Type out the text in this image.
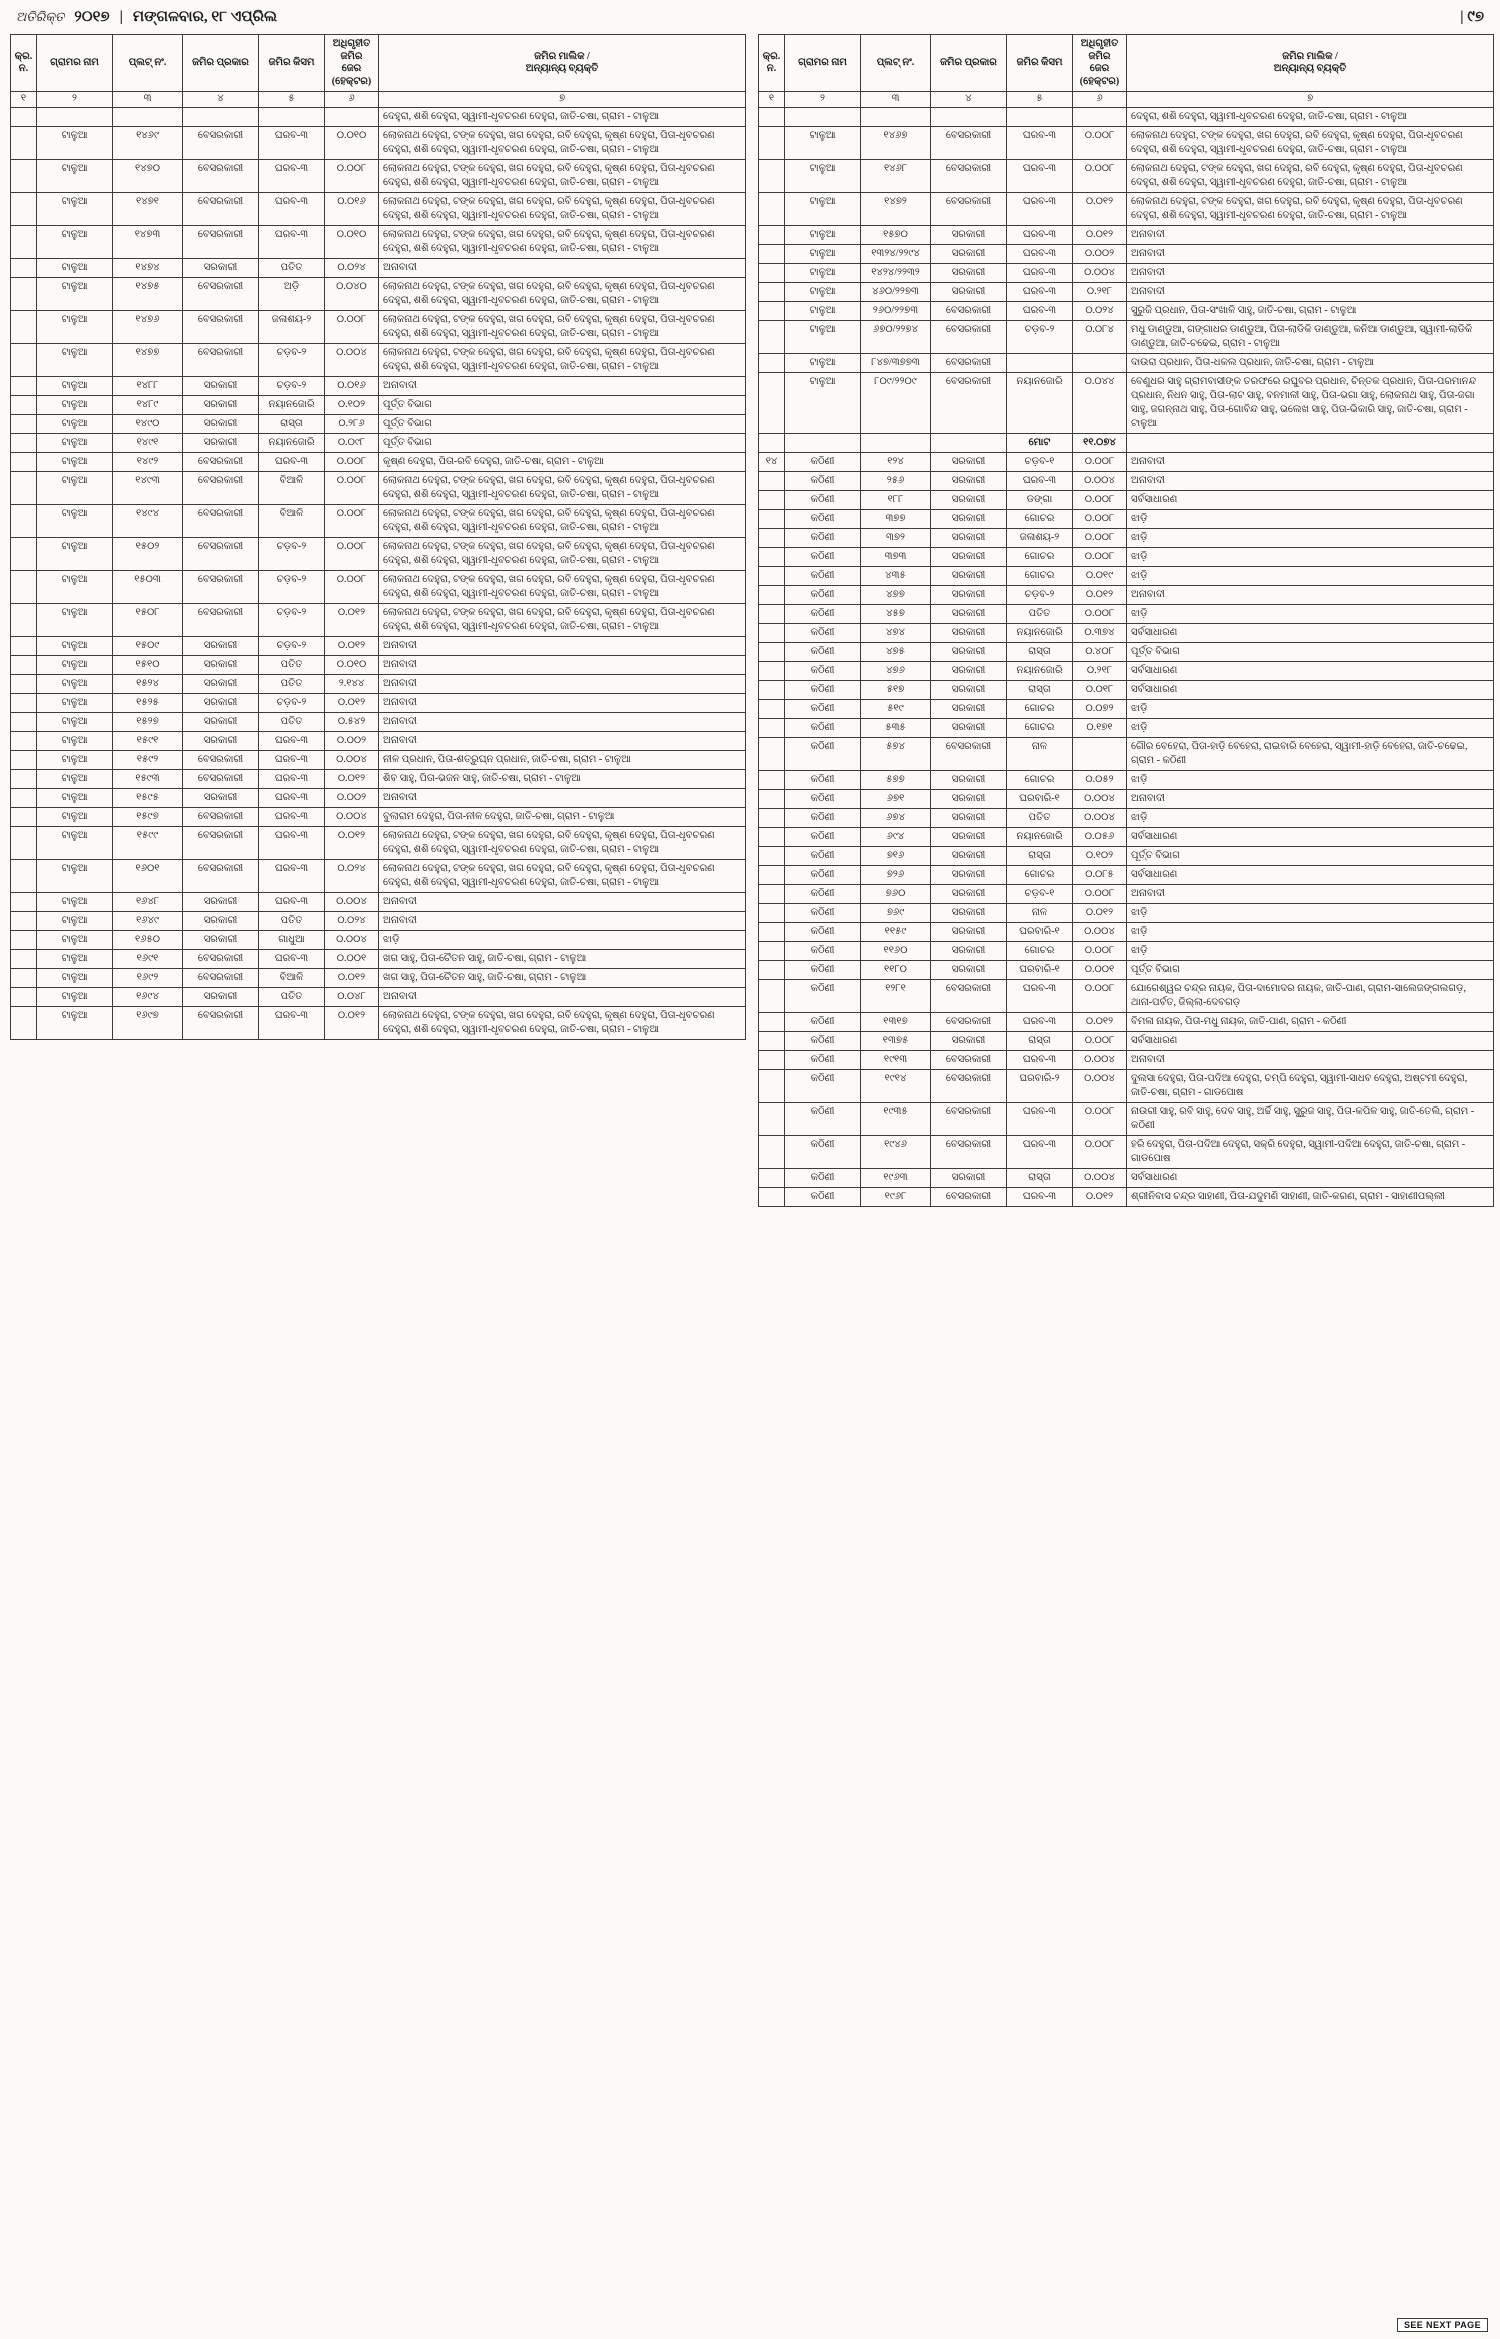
ଅତିରିକ୍ତ ୨୦୧୭ | ମଙ୍ଗଳବାର, ୧୮ ଏପ୍ରିଲ	| ୯୭
କ୍ର.
ନ.	ଗ୍ରାମର ନାମ	ପ୍ଲଟ୍ ନଂ.	ଜମିର ପ୍ରକାର	ଜମିର କିସମ	ଅଧିଗୃହୀତ ଜମିର
ଜେର (ହେକ୍ଟର)	ଜମିର ମାଲିକ /
ଅନ୍ୟାନ୍ୟ ବ୍ୟକ୍ତି
୧	୨	୩	୪	୫	୬	୭
						ଦେହୁରା, ଶଶି ଦେହୁରା, ସ୍ୱାମୀ-ଧୃବଚରଣ ଦେହୁରା, ଜାତି-ଚଷା, ଗ୍ରାମ - ଟାଳୁଆ
	ଟାଳୁଆ	୧୪୬୯	ବେସରକାରୀ	ଘରବ-୩	୦.୦୧୦	ଲୋକନାଥ ଦେହୁରା, ଟଙ୍କ ଦେହୁରା, ଖଗ ଦେହୁରା, ରବି ଦେହୁରା, କୃଷ୍ଣ ଦେହୁରା, ପିତା-ଧୃବଚରଣ ଦେହୁରା, ଶଶି ଦେହୁରା, ସ୍ୱାମୀ-ଧୃବଚରଣ ଦେହୁରା, ଜାତି-ଚଷା, ଗ୍ରାମ - ଟାଳୁଆ
	ଟାଳୁଆ	୧୪୭୦	ବେସରକାରୀ	ଘରବ-୩	୦.୦୦୮	ଲୋକନାଥ ଦେହୁରା, ଟଙ୍କ ଦେହୁରା, ଖଗ ଦେହୁରା, ରବି ଦେହୁରା, କୃଷ୍ଣ ଦେହୁରା, ପିତା-ଧୃବଚରଣ ଦେହୁରା, ଶଶି ଦେହୁରା, ସ୍ୱାମୀ-ଧୃବଚରଣ ଦେହୁରା, ଜାତି-ଚଷା, ଗ୍ରାମ - ଟାଳୁଆ
	ଟାଳୁଆ	୧୪୭୧	ବେସରକାରୀ	ଘରବ-୩	୦.୦୧୬	ଲୋକନାଥ ଦେହୁରା, ଟଙ୍କ ଦେହୁରା, ଖଗ ଦେହୁରା, ରବି ଦେହୁରା, କୃଷ୍ଣ ଦେହୁରା, ପିତା-ଧୃବଚରଣ ଦେହୁରା, ଶଶି ଦେହୁରା, ସ୍ୱାମୀ-ଧୃବଚରଣ ଦେହୁରା, ଜାତି-ଚଷା, ଗ୍ରାମ - ଟାଳୁଆ
	ଟାଳୁଆ	୧୪୭୩	ବେସରକାରୀ	ଘରବ-୩	୦.୦୧୦	ଲୋକନାଥ ଦେହୁରା, ଟଙ୍କ ଦେହୁରା, ଖଗ ଦେହୁରା, ରବି ଦେହୁରା, କୃଷ୍ଣ ଦେହୁରା, ପିତା-ଧୃବଚରଣ ଦେହୁରା, ଶଶି ଦେହୁରା, ସ୍ୱାମୀ-ଧୃବଚରଣ ଦେହୁରା, ଜାତି-ଚଷା, ଗ୍ରାମ - ଟାଳୁଆ
	ଟାଳୁଆ	୧୪୭୪	ସରକାରୀ	ପତିତ	୦.୦୨୪	ଅନାବାଦୀ
	ଟାଳୁଆ	୧୪୭୫	ବେସରକାରୀ	ଅଡ଼ି	୦.୦୪୦	ଲୋକନାଥ ଦେହୁରା, ଟଙ୍କ ଦେହୁରା, ଖଗ ଦେହୁରା, ରବି ଦେହୁରା, କୃଷ୍ଣ ଦେହୁରା, ପିତା-ଧୃବଚରଣ ଦେହୁରା, ଶଶି ଦେହୁରା, ସ୍ୱାମୀ-ଧୃବଚରଣ ଦେହୁରା, ଜାତି-ଚଷା, ଗ୍ରାମ - ଟାଳୁଆ
	ଟାଳୁଆ	୧୪୭୬	ବେସରକାରୀ	ଜଳାଶୟ-୨	୦.୦୦୮	ଲୋକନାଥ ଦେହୁରା, ଟଙ୍କ ଦେହୁରା, ଖଗ ଦେହୁରା, ରବି ଦେହୁରା, କୃଷ୍ଣ ଦେହୁରା, ପିତା-ଧୃବଚରଣ ଦେହୁରା, ଶଶି ଦେହୁରା, ସ୍ୱାମୀ-ଧୃବଚରଣ ଦେହୁରା, ଜାତି-ଚଷା, ଗ୍ରାମ - ଟାଳୁଆ
	ଟାଳୁଆ	୧୪୭୭	ବେସରକାରୀ	ଚଡ଼ବ-୨	୦.୦୦୪	ଲୋକନାଥ ଦେହୁରା, ଟଙ୍କ ଦେହୁରା, ଖଗ ଦେହୁରା, ରବି ଦେହୁରା, କୃଷ୍ଣ ଦେହୁରା, ପିତା-ଧୃବଚରଣ ଦେହୁରା, ଶଶି ଦେହୁରା, ସ୍ୱାମୀ-ଧୃବଚରଣ ଦେହୁରା, ଜାତି-ଚଷା, ଗ୍ରାମ - ଟାଳୁଆ
	ଟାଳୁଆ	୧୪୮୮	ସରକାରୀ	ଚଡ଼ବ-୨	୦.୦୧୬	ଅନାବାଦୀ
	ଟାଳୁଆ	୧୪୮୯	ସରକାରୀ	ନୟାନଜୋରି	୦.୧୦୨	ପୂର୍ତ୍ତ ବିଭାଗ
	ଟାଳୁଆ	୧୪୯୦	ସରକାରୀ	ରାସ୍ତା	୦.୨୮୬	ପୂର୍ତ୍ତ ବିଭାଗ
	ଟାଳୁଆ	୧୪୯୧	ସରକାରୀ	ନୟାନଜୋରି	୦.୦୯୮	ପୂର୍ତ୍ତ ବିଭାଗ
	ଟାଳୁଆ	୧୪୯୨	ବେସରକାରୀ	ଘରବ-୩	୦.୦୦୮	କୃଷ୍ଣ ଦେହୁରା, ପିତା-ରବି ଦେହୁରା, ଜାତି-ଚଷା, ଗ୍ରାମ - ଟାଳୁଆ
	ଟାଳୁଆ	୧୪୯୩	ବେସରକାରୀ	ବିଆଳି	୦.୦୦୮	ଲୋକନାଥ ଦେହୁରା, ଟଙ୍କ ଦେହୁରା, ଖଗ ଦେହୁରା, ରବି ଦେହୁରା, କୃଷ୍ଣ ଦେହୁରା, ପିତା-ଧୃବଚରଣ ଦେହୁରା, ଶଶି ଦେହୁରା, ସ୍ୱାମୀ-ଧୃବଚରଣ ଦେହୁରା, ଜାତି-ଚଷା, ଗ୍ରାମ - ଟାଳୁଆ
	ଟାଳୁଆ	୧୪୯୪	ବେସରକାରୀ	ବିଆଳି	୦.୦୦୮	ଲୋକନାଥ ଦେହୁରା, ଟଙ୍କ ଦେହୁରା, ଖଗ ଦେହୁରା, ରବି ଦେହୁରା, କୃଷ୍ଣ ଦେହୁରା, ପିତା-ଧୃବଚରଣ ଦେହୁରା, ଶଶି ଦେହୁରା, ସ୍ୱାମୀ-ଧୃବଚରଣ ଦେହୁରା, ଜାତି-ଚଷା, ଗ୍ରାମ - ଟାଳୁଆ
	ଟାଳୁଆ	୧୫୦୨	ବେସରକାରୀ	ଚଡ଼ବ-୨	୦.୦୦୮	ଲୋକନାଥ ଦେହୁରା, ଟଙ୍କ ଦେହୁରା, ଖଗ ଦେହୁରା, ରବି ଦେହୁରା, କୃଷ୍ଣ ଦେହୁରା, ପିତା-ଧୃବଚରଣ ଦେହୁରା, ଶଶି ଦେହୁରା, ସ୍ୱାମୀ-ଧୃବଚରଣ ଦେହୁରା, ଜାତି-ଚଷା, ଗ୍ରାମ - ଟାଳୁଆ
	ଟାଳୁଆ	୧୫୦୩	ବେସରକାରୀ	ଚଡ଼ବ-୨	୦.୦୦୮	ଲୋକନାଥ ଦେହୁରା, ଟଙ୍କ ଦେହୁରା, ଖଗ ଦେହୁରା, ରବି ଦେହୁରା, କୃଷ୍ଣ ଦେହୁରା, ପିତା-ଧୃବଚରଣ ଦେହୁରା, ଶଶି ଦେହୁରା, ସ୍ୱାମୀ-ଧୃବଚରଣ ଦେହୁରା, ଜାତି-ଚଷା, ଗ୍ରାମ - ଟାଳୁଆ
	ଟାଳୁଆ	୧୫୦୮	ବେସରକାରୀ	ଚଡ଼ବ-୨	୦.୦୧୨	ଲୋକନାଥ ଦେହୁରା, ଟଙ୍କ ଦେହୁରା, ଖଗ ଦେହୁରା, ରବି ଦେହୁରା, କୃଷ୍ଣ ଦେହୁରା, ପିତା-ଧୃବଚରଣ ଦେହୁରା, ଶଶି ଦେହୁରା, ସ୍ୱାମୀ-ଧୃବଚରଣ ଦେହୁରା, ଜାତି-ଚଷା, ଗ୍ରାମ - ଟାଳୁଆ
	ଟାଳୁଆ	୧୫୦୯	ସରକାରୀ	ଚଡ଼ବ-୨	୦.୦୧୨	ଅନାବାଦୀ
	ଟାଳୁଆ	୧୫୧୦	ସରକାରୀ	ପତିତ	୦.୦୧୦	ଅନାବାଦୀ
	ଟାଳୁଆ	୧୫୨୪	ସରକାରୀ	ପତିତ	୨.୧୪୪	ଅନାବାଦୀ
	ଟାଳୁଆ	୧୫୨୫	ସରକାରୀ	ଚଡ଼ବ-୨	୦.୦୧୨	ଅନାବାଦୀ
	ଟାଳୁଆ	୧୫୨୭	ସରକାରୀ	ପତିତ	୦.୫୪୨	ଅନାବାଦୀ
	ଟାଳୁଆ	୧୫୯୧	ସରକାରୀ	ଘରବ-୩	୦.୦୦୨	ଅନାବାଦୀ
	ଟାଳୁଆ	୧୫୯୨	ବେସରକାରୀ	ଘରବ-୩	୦.୦୦୪	ନୀଳ ପ୍ରଧାନ, ପିତା-ଶତ୍ରୁଘ୍ନ ପ୍ରଧାନ, ଜାତି-ଚଷା, ଗ୍ରାମ - ଟାଳୁଆ
	ଟାଳୁଆ	୧୫୯୩	ବେସରକାରୀ	ଘରବ-୩	୦.୦୧୨	ଶିବ ସାହୁ, ପିତା-ଭଜନ ସାହୁ, ଜାତି-ଚଷା, ଗ୍ରାମ - ଟାଳୁଆ
	ଟାଳୁଆ	୧୫୯୫	ସରକାରୀ	ଘରବ-୩	୦.୦୦୨	ଅନାବାଦୀ
	ଟାଳୁଆ	୧୫୯୭	ବେସରକାରୀ	ଘରବ-୩	୦.୦୦୪	ବୁଲାରାମ ଦେହୁରା, ପିତା-ନୀଳ ଦେହୁରା, ଜାତି-ଚଷା, ଗ୍ରାମ - ଟାଳୁଆ
	ଟାଳୁଆ	୧୫୯୯	ବେସରକାରୀ	ଘରବ-୩	୦.୦୧୨	ଲୋକନାଥ ଦେହୁରା, ଟଙ୍କ ଦେହୁରା, ଖଗ ଦେହୁରା, ରବି ଦେହୁରା, କୃଷ୍ଣ ଦେହୁରା, ପିତା-ଧୃବଚରଣ ଦେହୁରା, ଶଶି ଦେହୁରା, ସ୍ୱାମୀ-ଧୃବଚରଣ ଦେହୁରା, ଜାତି-ଚଷା, ଗ୍ରାମ - ଟାଳୁଆ
	ଟାଳୁଆ	୧୬୦୧	ବେସରକାରୀ	ଘରବ-୩	୦.୦୨୪	ଲୋକନାଥ ଦେହୁରା, ଟଙ୍କ ଦେହୁରା, ଖଗ ଦେହୁରା, ରବି ଦେହୁରା, କୃଷ୍ଣ ଦେହୁରା, ପିତା-ଧୃବଚରଣ ଦେହୁରା, ଶଶି ଦେହୁରା, ସ୍ୱାମୀ-ଧୃବଚରଣ ଦେହୁରା, ଜାତି-ଚଷା, ଗ୍ରାମ - ଟାଳୁଆ
	ଟାଳୁଆ	୧୬୪୮	ସରକାରୀ	ଘରବ-୩	୦.୦୦୪	ଅନାବାଦୀ
	ଟାଳୁଆ	୧୬୪୯	ସରକାରୀ	ପତିତ	୦.୦୨୪	ଅନାବାଦୀ
	ଟାଳୁଆ	୧୬୫୦	ସରକାରୀ	ଗାଧୁଆ	୦.୦୦୪	ଝାଡ଼ି
	ଟାଳୁଆ	୧୬୯୧	ବେସରକାରୀ	ଘରବ-୩	୦.୦୦୧	ଖଗ ସାହୁ, ପିତା-ଚୈତନ ସାହୁ, ଜାତି-ଚଷା, ଗ୍ରାମ - ଟାଳୁଆ
	ଟାଳୁଆ	୧୬୯୨	ବେସରକାରୀ	ବିଆଳି	୦.୦୧୨	ଖଗ ସାହୁ, ପିତା-ଚୈତନ ସାହୁ, ଜାତି-ଚଷା, ଗ୍ରାମ - ଟାଳୁଆ
	ଟାଳୁଆ	୧୬୯୪	ସରକାରୀ	ପତିତ	୦.୦୪୮	ଅନାବାଦୀ
	ଟାଳୁଆ	୧୬୯୭	ବେସରକାରୀ	ଘରବ-୩	୦.୦୧୨	ଲୋକନାଥ ଦେହୁରା, ଟଙ୍କ ଦେହୁରା, ଖଗ ଦେହୁରା, ରବି ଦେହୁରା, କୃଷ୍ଣ ଦେହୁରା, ପିତା-ଧୃବଚରଣ ଦେହୁରା, ଶଶି ଦେହୁରା, ସ୍ୱାମୀ-ଧୃବଚରଣ ଦେହୁରା, ଜାତି-ଚଷା, ଗ୍ରାମ - ଟାଳୁଆ
କ୍ର.
ନ.	ଗ୍ରାମର ନାମ	ପ୍ଲଟ୍ ନଂ.	ଜମିର ପ୍ରକାର	ଜମିର କିସମ	ଅଧିଗୃହୀତ ଜମିର
ଜେର (ହେକ୍ଟର)	ଜମିର ମାଲିକ /
ଅନ୍ୟାନ୍ୟ ବ୍ୟକ୍ତି
୧	୨	୩	୪	୫	୬	୭
						ଦେହୁରା, ଶଶି ଦେହୁରା, ସ୍ୱାମୀ-ଧୃବଚରଣ ଦେହୁରା, ଜାତି-ଚଷା, ଗ୍ରାମ - ଟାଳୁଆ
	ଟାଳୁଆ	୧୪୬୭	ବେସରକାରୀ	ଘରବ-୩	୦.୦୦୮	ଲୋକନାଥ ଦେହୁରା, ଟଙ୍କ ଦେହୁରା, ଖଗ ଦେହୁରା, ରବି ଦେହୁରା, କୃଷ୍ଣ ଦେହୁରା, ପିତା-ଧୃବଚରଣ ଦେହୁରା, ଶଶି ଦେହୁରା, ସ୍ୱାମୀ-ଧୃବଚରଣ ଦେହୁରା, ଜାତି-ଚଷା, ଗ୍ରାମ - ଟାଳୁଆ
	ଟାଳୁଆ	୧୪୬୮	ବେସରକାରୀ	ଘରବ-୩	୦.୦୦୮	ଲୋକନାଥ ଦେହୁରା, ଟଙ୍କ ଦେହୁରା, ଖଗ ଦେହୁରା, ରବି ଦେହୁରା, କୃଷ୍ଣ ଦେହୁରା, ପିତା-ଧୃବଚରଣ ଦେହୁରା, ଶଶି ଦେହୁରା, ସ୍ୱାମୀ-ଧୃବଚରଣ ଦେହୁରା, ଜାତି-ଚଷା, ଗ୍ରାମ - ଟାଳୁଆ
	ଟାଳୁଆ	୧୪୭୨	ବେସରକାରୀ	ଘରବ-୩	୦.୦୧୨	ଲୋକନାଥ ଦେହୁରା, ଟଙ୍କ ଦେହୁରା, ଖଗ ଦେହୁରା, ରବି ଦେହୁରା, କୃଷ୍ଣ ଦେହୁରା, ପିତା-ଧୃବଚରଣ ଦେହୁରା, ଶଶି ଦେହୁରା, ସ୍ୱାମୀ-ଧୃବଚରଣ ଦେହୁରା, ଜାତି-ଚଷା, ଗ୍ରାମ - ଟାଳୁଆ
	ଟାଳୁଆ	୧୫୭୦	ସରକାରୀ	ଘରବ-୩	୦.୦୧୨	ଅନାବାଦୀ
	ଟାଳୁଆ	୧୩୨୪/୨୨୯୪	ସରକାରୀ	ଘରବ-୩	୦.୦୦୨	ଅନାବାଦୀ
	ଟାଳୁଆ	୧୪୨୪/୨୨୩୨	ସରକାରୀ	ଘରବ-୩	୦.୦୦୪	ଅନାବାଦୀ
	ଟାଳୁଆ	୪୬୦/୨୨୭୩	ସରକାରୀ	ଘରବ-୩	୦.୨୧୮	ଅନାବାଦୀ
	ଟାଳୁଆ	୨୬୦/୨୨୭୩	ବେସରକାରୀ	ଘରବ-୩	୦.୦୨୪	ସୁରୁଜି ପ୍ରଧାନ, ପିତା-ସଂଖାଳି ସାହୁ, ଜାତି-ଚଷା, ଗ୍ରାମ - ଟାଳୁଆ
	ଟାଳୁଆ	୬୭୦/୨୨୭୪	ବେସରକାରୀ	ଚଡ଼ବ-୨	୦.୦୮୪	ମଧୁ ଡାଣ୍ଡୁଆ, ଗଙ୍ଗାଧର ଡାଣ୍ଡୁଆ, ପିତା-ଲାଡିକି ଡାଣ୍ଡୁଆ, କନିଆ ଡାଣ୍ଡୁଆ, ସ୍ୱାମୀ-ଲାଡିକି ଡାଣ୍ଡୁଆ, ଜାତି-ଚଢେଇ, ଗ୍ରାମ - ଟାଳୁଆ
	ଟାଳୁଆ	୮୪୭/୩୭୭୩	ବେସରକାରୀ			ଦାଉରା ପ୍ରଧାନ, ପିତା-ଧକଲ ପ୍ରଧାନ, ଜାତି-ଚଷା, ଗ୍ରାମ - ଟାଳୁଆ
	ଟାଳୁଆ	୮୦୯/୨୨୦୯	ବେସରକାରୀ	ନୟାନଜୋରି	୦.୦୪୪	ବେଣୁଧର ସାହୁ ଗ୍ରାମବାସୀଙ୍କ ତରଫରେ ରଘୁବର ପ୍ରଧାନ, ଚିନ୍ତକ ପ୍ରଧାନ, ପିତା-ପରମାନନ୍ଦ ପ୍ରଧାନ, ନିଧନ ସାହୁ, ପିତା-ଲାଟ ସାହୁ, ବନମାଳୀ ସାହୁ, ପିତା-ଭଗା ସାହୁ, ଲୋକନାଥ ସାହୁ, ପିତା-ଜଗା ସାହୁ, ଜଗନ୍ନାଥ ସାହୁ, ପିତା-ଗୋବିନ୍ଦ ସାହୁ, ଭଲେଖ ସାହୁ, ପିତା-ଭିକାରି ସାହୁ, ଜାତି-ଚଷା, ଗ୍ରାମ - ଟାଳୁଆ
				ମୋଟ	୧୧.୦୭୪	
୧୪	କଠିଣୀ	୧୨୪	ସରକାରୀ	ଚଡ଼ବ-୧	୦.୦୦୮	ଅନାବାଦୀ
	କଠିଣୀ	୨୫୬	ସରକାରୀ	ଘରବ-୩	୦.୦୦୪	ଅନାବାଦୀ
	କଠିଣୀ	୧୮୮	ସରକାରୀ	ଡଙ୍ଗା	୦.୦୦୮	ସର୍ବସାଧାରଣ
	କଠିଣୀ	୩୭୭	ସରକାରୀ	ଗୋଚର	୦.୦୦୮	ଝାଡ଼ି
	କଠିଣୀ	୩୭୨	ସରକାରୀ	ଜଳାଶୟ-୨	୦.୦୦୮	ଝାଡ଼ି
	କଠିଣୀ	୩୭୩	ସରକାରୀ	ଗୋଚର	୦.୦୦୮	ଝାଡ଼ି
	କଠିଣୀ	୪୩୫	ସରକାରୀ	ଗୋଚର	୦.୦୧୯	ଝାଡ଼ି
	କଠିଣୀ	୪୭୭	ସରକାରୀ	ଚଡ଼ବ-୨	୦.୦୧୨	ଅନାବାଦୀ
	କଠିଣୀ	୪୫୭	ସରକାରୀ	ପତିତ	୦.୦୦୮	ଝାଡ଼ି
	କଠିଣୀ	୪୭୪	ସରକାରୀ	ନୟାନଜୋରି	୦.୩୭୪	ସର୍ବସାଧାରଣ
	କଠିଣୀ	୪୭୫	ସରକାରୀ	ରାସ୍ତା	୦.୪୦୮	ପୂର୍ତ୍ତ ବିଭାଗ
	କଠିଣୀ	୪୭୬	ସରକାରୀ	ନୟାନଜୋରି	୦.୨୧୮	ସର୍ବସାଧାରଣ
	କଠିଣୀ	୫୧୭	ସରକାରୀ	ରାସ୍ତା	୦.୦୧୮	ସର୍ବସାଧାରଣ
	କଠିଣୀ	୫୧୯	ସରକାରୀ	ଗୋଚର	୦.୦୭୨	ଝାଡ଼ି
	କଠିଣୀ	୫୩୫	ସରକାରୀ	ଗୋଚର	୦.୧୭୧	ଝାଡ଼ି
	କଠିଣୀ	୫୭୪	ବେସରକାରୀ	ନାଳ		ଗୌର ବେହେରା, ପିତା-ହାଡ଼ି ବେହେରା, ରାଇବାରି ବେହେରା, ସ୍ୱାମୀ-ହାଡ଼ି ବେହେରା, ଜାତି-ଚଢେଇ, ଗ୍ରାମ - କଠିଣୀ
	କଠିଣୀ	୫୭୭	ସରକାରୀ	ଗୋଚର	୦.୦୫୨	ଝାଡ଼ି
	କଠିଣୀ	୬୭୧	ସରକାରୀ	ଘରବାରି-୧	୦.୦୦୪	ଅନାବାଦୀ
	କଠିଣୀ	୬୭୪	ସରକାରୀ	ପତିତ	୦.୦୦୪	ଝାଡ଼ି
	କଠିଣୀ	୬୯୪	ସରକାରୀ	ନୟାନଜୋରି	୦.୦୫୬	ସର୍ବସାଧାରଣ
	କଠିଣୀ	୭୧୬	ସରକାରୀ	ରାସ୍ତା	୦.୧୦୨	ପୂର୍ତ୍ତ ବିଭାଗ
	କଠିଣୀ	୭୨୬	ସରକାରୀ	ଗୋଚର	୦.୦୮୫	ସର୍ବସାଧାରଣ
	କଠିଣୀ	୭୬୦	ସରକାରୀ	ଚଡ଼ବ-୧	୦.୦୦୮	ଅନାବାଦୀ
	କଠିଣୀ	୭୬୯	ସରକାରୀ	ନାଳ	୦.୦୧୨	ଝାଡ଼ି
	କଠିଣୀ	୧୧୫୯	ସରକାରୀ	ଘରବାରି-୧	୦.୦୦୪	ଝାଡ଼ି
	କଠିଣୀ	୧୧୬୦	ସରକାରୀ	ଗୋଚର	୦.୦୦୮	ଝାଡ଼ି
	କଠିଣୀ	୧୧୮୦	ସରକାରୀ	ଘରବାରି-୧	୦.୦୦୧	ପୂର୍ତ୍ତ ବିଭାଗ
	କଠିଣୀ	୧୨୮୧	ବେସରକାରୀ	ଘରବ-୩	୦.୦୦୮	ଯୋଗେଶ୍ୱର ଚନ୍ଦ୍ର ନାୟକ, ପିତା-ଦାମୋଦର ନାୟକ, ଜାତି-ପାଣ, ଗ୍ରାମ-ସାଲେଜଙ୍ଗଲଗଡ଼, ଥାନା-ପର୍ବତ, ଜିଲ୍ଲା-ଦେବଗଡ଼
	କଠିଣୀ	୧୩୧୭	ବେସରକାରୀ	ଘରବ-୩	୦.୦୧୨	ବିମଳା ନାୟକ, ପିତା-ମଧୁ ନାୟକ, ଜାତି-ପାଣ, ଗ୍ରାମ - କଠିଣୀ
	କଠିଣୀ	୧୩୭୫	ସରକାରୀ	ରାସ୍ତା	୦.୦୦୮	ସର୍ବସାଧାରଣ
	କଠିଣୀ	୧୯୧୩	ବେସରକାରୀ	ଘରବ-୩	୦.୦୦୪	ଅନାବାଦୀ
	କଠିଣୀ	୧୯୧୪	ବେସରକାରୀ	ଘରବାରି-୨	୦.୦୦୪	ଦୁଲସା ଦେହୁରା, ପିତା-ପଦିଆ ଦେହୁରା, ଚମ୍ପି ଦେହୁରା, ସ୍ୱାମୀ-ସାଧବ ଦେହୁରା, ଅଷ୍ଟମୀ ଦେହୁରା, ଜାତି-ଚଷା, ଗ୍ରାମ - ଗାଡପୋଷ
	କଠିଣୀ	୧୯୩୫	ବେସରକାରୀ	ଘରବ-୩	୦.୦୦୮	ନାଉରୀ ସାହୁ, ରବି ସାହୁ, ଦେବ ସାହୁ, ଅର୍ଚ୍ଚି ସାହୁ, ସୁରୁଜ ସାହୁ, ପିତା-କପିଳ ସାହୁ, ଜାତି-ତେଲି, ଗ୍ରାମ - କଠିଣୀ
	କଠିଣୀ	୧୯୪୬	ବେସରକାରୀ	ଘରବ-୩	୦.୦୦୮	ହରି ଦେହୁରା, ପିତା-ପଦିଆ ଦେହୁରା, ସକ୍ରି ଦେହୁରା, ସ୍ୱାମୀ-ପଦିଆ ଦେହୁରା, ଜାତି-ଚଷା, ଗ୍ରାମ - ଗାଡପୋଷ
	କଠିଣୀ	୧୯୬୩	ସରକାରୀ	ରାସ୍ତା	୦.୦୦୪	ସର୍ବସାଧାରଣ
	କଠିଣୀ	୧୯୬୮	ବେସରକାରୀ	ଘରବ-୩	୦.୦୧୨	ଶ୍ରୀନିବାସ ଚନ୍ଦ୍ର ସାହାଣୀ, ପିତା-ଯଦୁମଣି ସାହାଣୀ, ଜାତି-କରଣ, ଗ୍ରାମ - ସାହାଣୀପଲ୍ଲୀ
SEE NEXT PAGE
